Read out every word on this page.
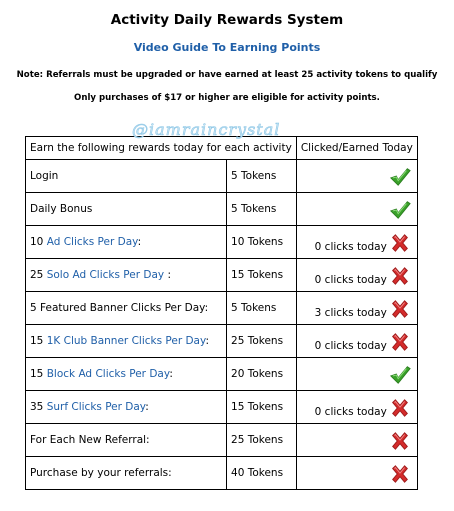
Activity Daily Rewards System
Video Guide To Earning Points
Note: Referrals must be upgraded or have earned at least 25 activity tokens to qualify
Only purchases of $17 or higher are eligible for activity points.
Earn the following rewards today for each activity		Clicked/Earned Today
Login	5 Tokens	

Daily Bonus	5 Tokens	

10 Ad Clicks Per Day:	10 Tokens	0 clicks today

25 Solo Ad Clicks Per Day :	15 Tokens	0 clicks today

5 Featured Banner Clicks Per Day:	5 Tokens	3 clicks today

15 1K Club Banner Clicks Per Day:	25 Tokens	0 clicks today

15 Block Ad Clicks Per Day:	20 Tokens	

35 Surf Clicks Per Day:	15 Tokens	0 clicks today

For Each New Referral:	25 Tokens	

Purchase by your referrals:	40 Tokens	
@iamraincrystal
